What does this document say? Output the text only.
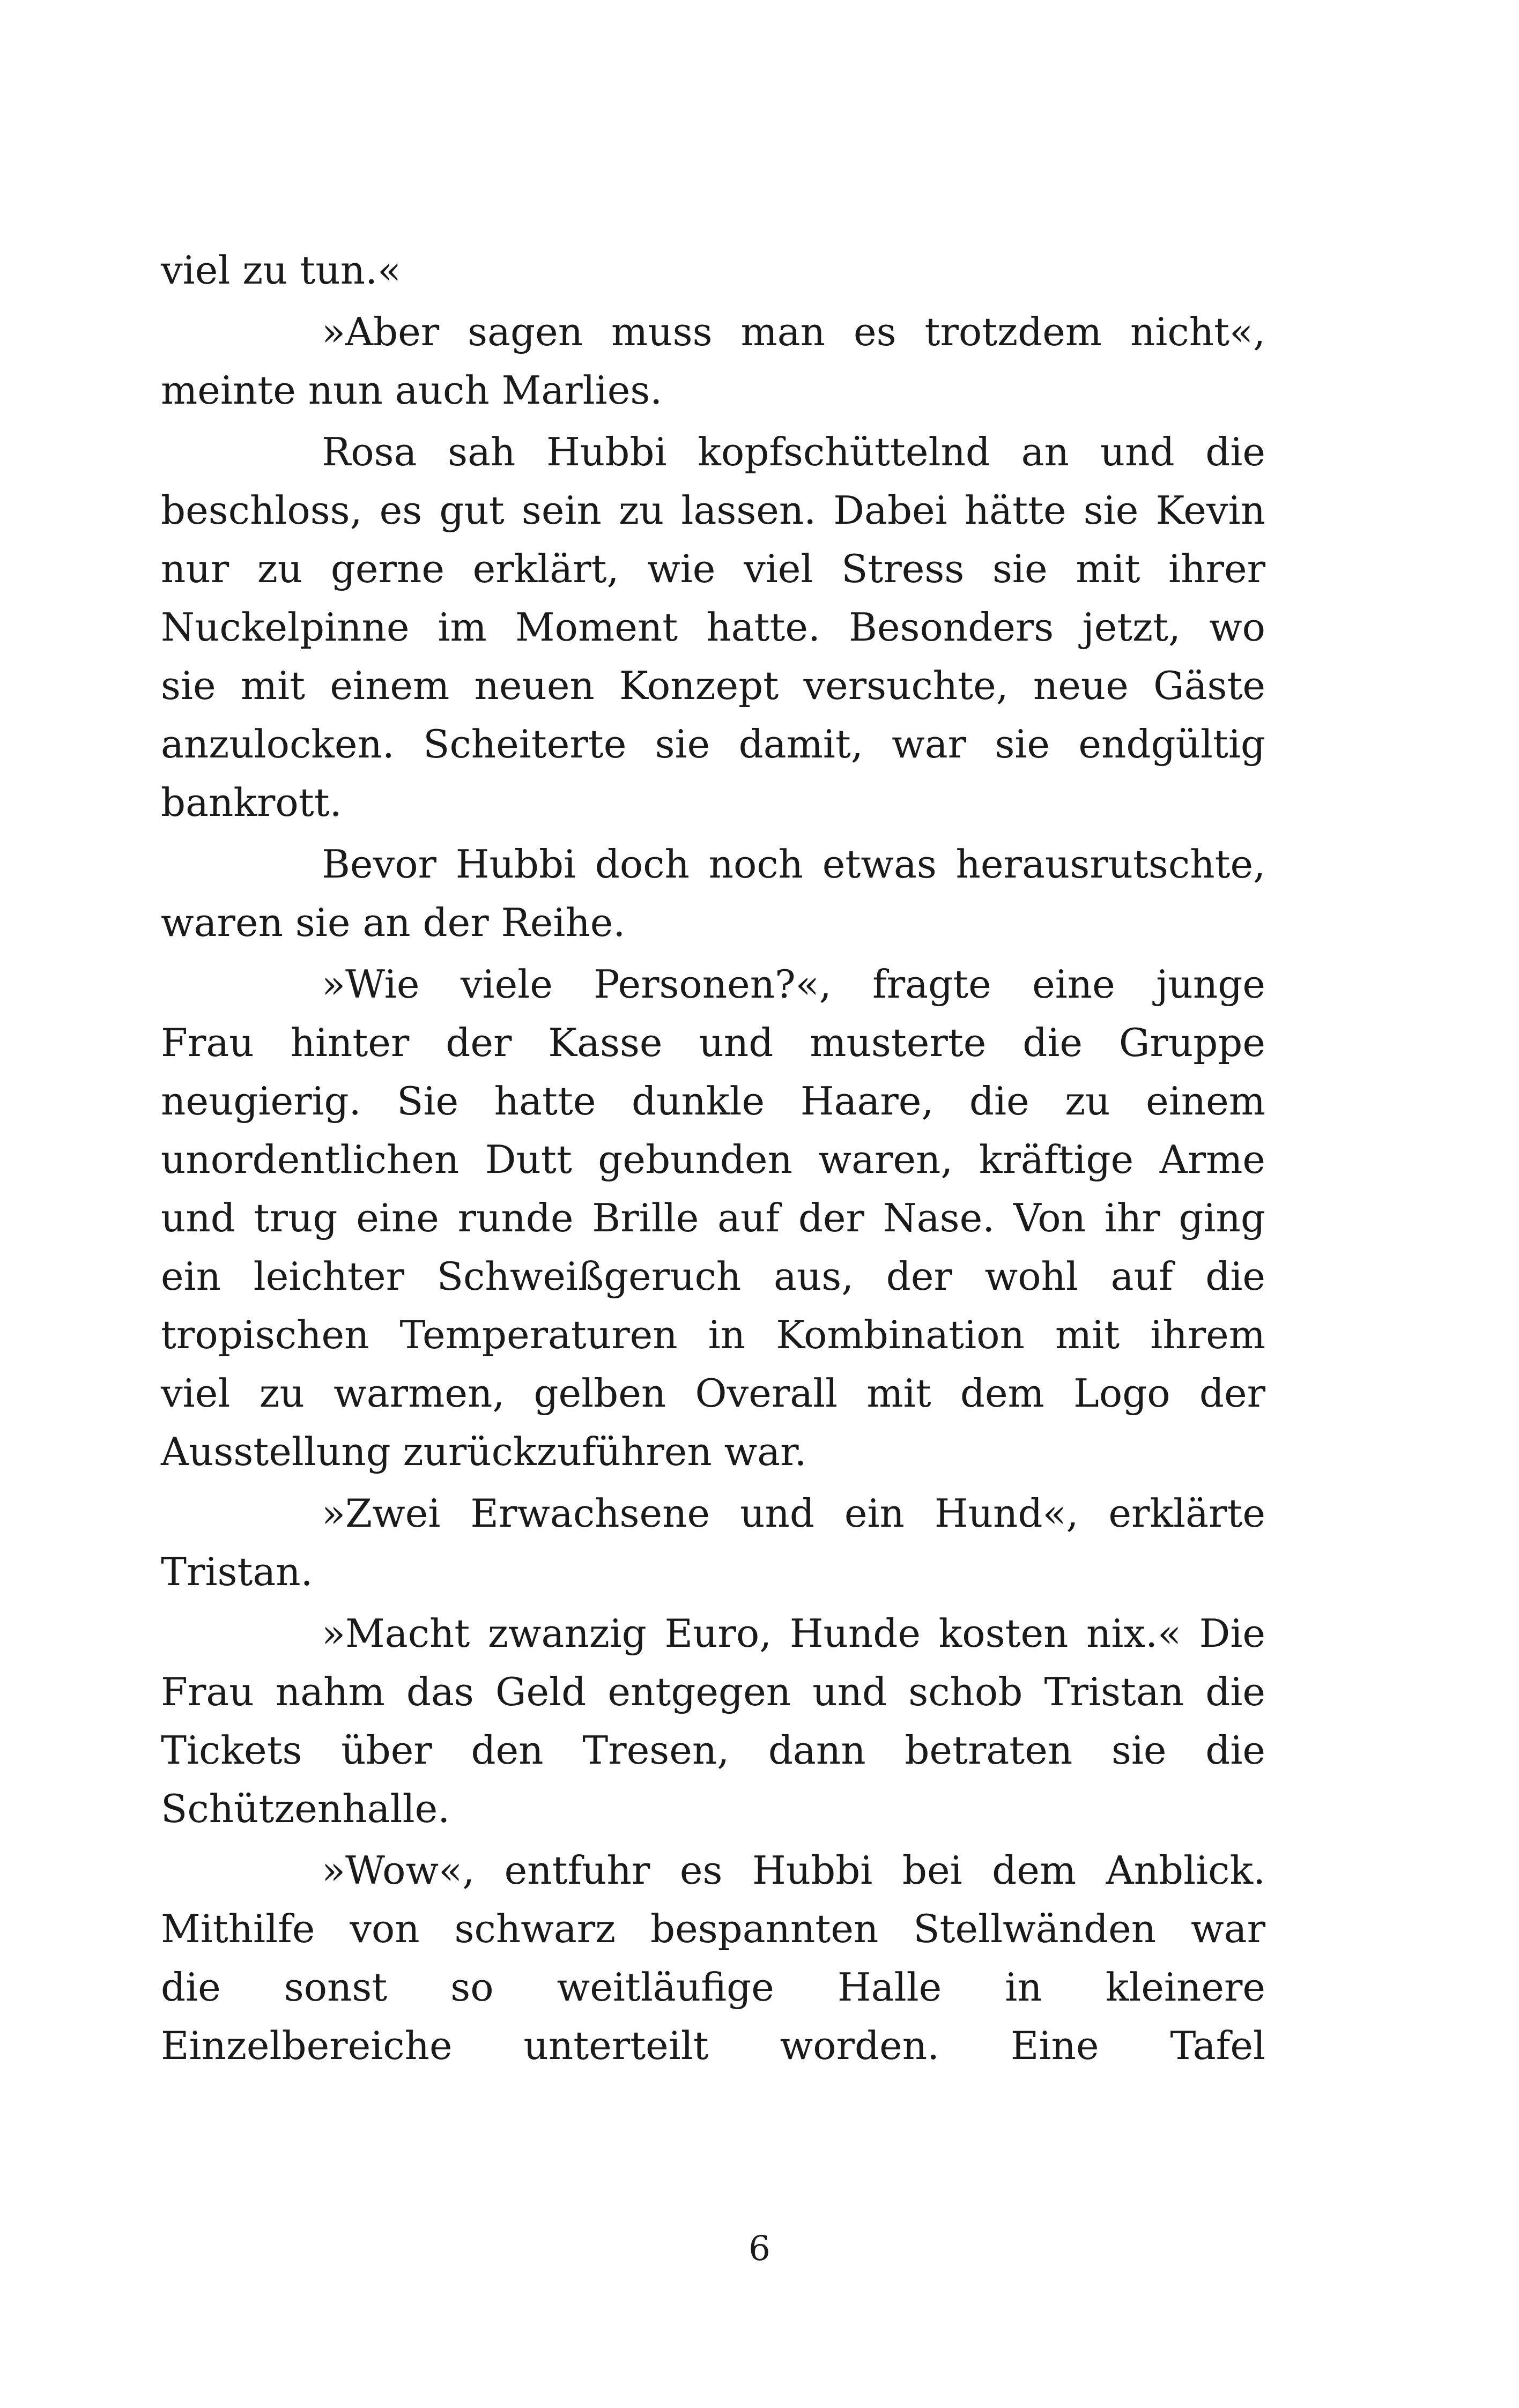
viel zu tun.«
»Aber sagen muss man es trotzdem nicht«,
meinte nun auch Marlies.
Rosa sah Hubbi kopfschüttelnd an und die
beschloss, es gut sein zu lassen. Dabei hätte sie Kevin
nur zu gerne erklärt, wie viel Stress sie mit ihrer
Nuckelpinne im Moment hatte. Besonders jetzt, wo
sie mit einem neuen Konzept versuchte, neue Gäste
anzulocken. Scheiterte sie damit, war sie endgültig
bankrott.
Bevor Hubbi doch noch etwas herausrutschte,
waren sie an der Reihe.
»Wie viele Personen?«, fragte eine junge
Frau hinter der Kasse und musterte die Gruppe
neugierig. Sie hatte dunkle Haare, die zu einem
unordentlichen Dutt gebunden waren, kräftige Arme
und trug eine runde Brille auf der Nase. Von ihr ging
ein leichter Schweißgeruch aus, der wohl auf die
tropischen Temperaturen in Kombination mit ihrem
viel zu warmen, gelben Overall mit dem Logo der
Ausstellung zurückzuführen war.
»Zwei Erwachsene und ein Hund«, erklärte
Tristan.
»Macht zwanzig Euro, Hunde kosten nix.« Die
Frau nahm das Geld entgegen und schob Tristan die
Tickets über den Tresen, dann betraten sie die
Schützenhalle.
»Wow«, entfuhr es Hubbi bei dem Anblick.
Mithilfe von schwarz bespannten Stellwänden war
die sonst so weitläufige Halle in kleinere
Einzelbereiche unterteilt worden. Eine Tafel
6
